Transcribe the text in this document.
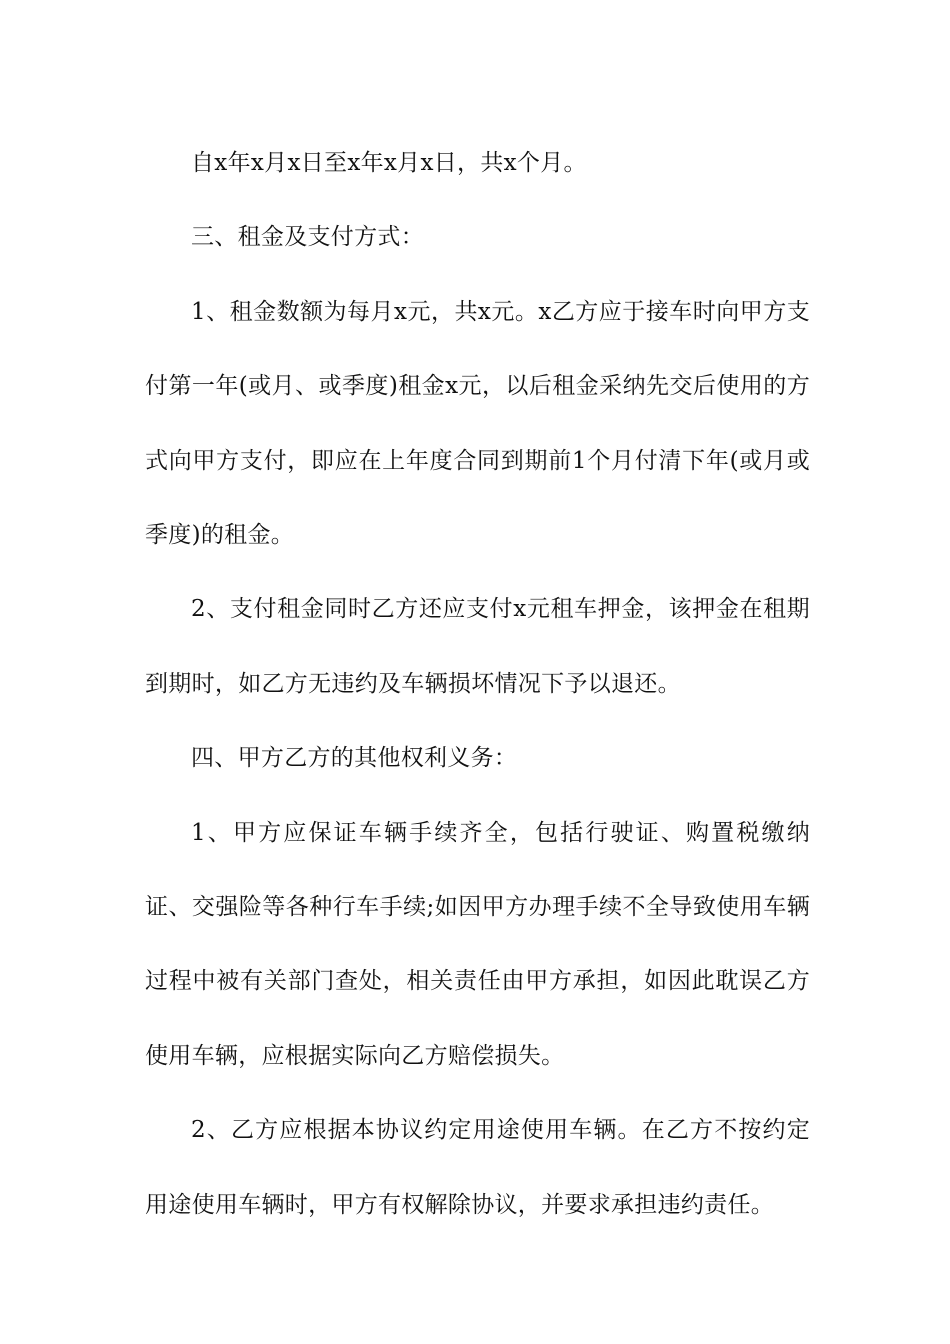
自x年x月x日至x年x月x日，共x个月。

三、租金及支付方式：

1、租金数额为每月x元，共x元。x乙方应于接车时向甲方支付第一年(或月、或季度)租金x元，以后租金采纳先交后使用的方式向甲方支付，即应在上年度合同到期前1个月付清下年(或月或季度)的租金。

2、支付租金同时乙方还应支付x元租车押金，该押金在租期到期时，如乙方无违约及车辆损坏情况下予以退还。

四、甲方乙方的其他权利义务：

1、甲方应保证车辆手续齐全，包括行驶证、购置税缴纳证、交强险等各种行车手续;如因甲方办理手续不全导致使用车辆过程中被有关部门查处，相关责任由甲方承担，如因此耽误乙方使用车辆，应根据实际向乙方赔偿损失。

2、乙方应根据本协议约定用途使用车辆。在乙方不按约定用途使用车辆时，甲方有权解除协议，并要求承担违约责任。
